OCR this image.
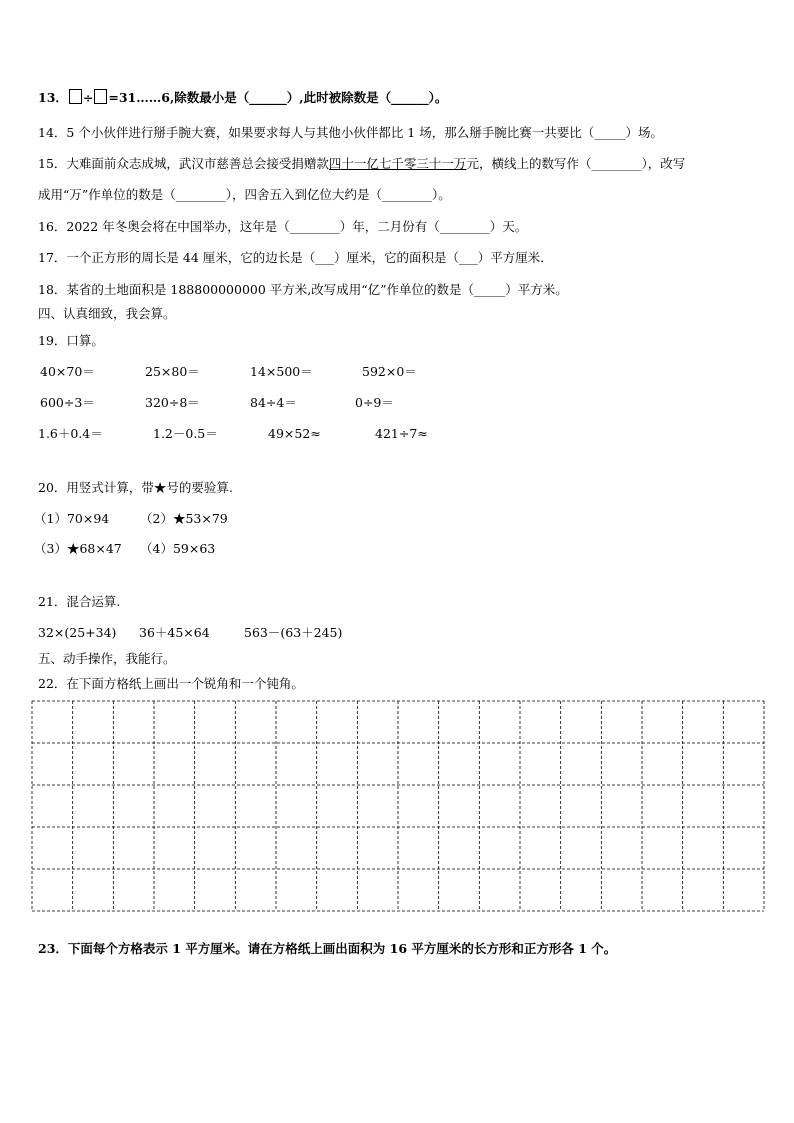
13． ÷ =31……6,除数最小是（______）,此时被除数是（______）。
14．5 个小伙伴进行掰手腕大赛，如果要求每人与其他小伙伴都比 1 场，那么掰手腕比赛一共要比（_____）场。
15．大难面前众志成城，武汉市慈善总会接受捐赠款四十一亿七千零三十一万元，横线上的数写作（________），改写
成用“万”作单位的数是（________），四舍五入到亿位大约是（________）。
16．2022 年冬奥会将在中国举办，这年是（________）年，二月份有（________）天。
17．一个正方形的周长是 44 厘米，它的边长是（___）厘米，它的面积是（___）平方厘米．
18．某省的土地面积是 188800000000 平方米,改写成用“亿”作单位的数是（_____）平方米。
四、认真细致，我会算。
19．口算。
40×70＝	25×80＝	14×500＝	592×0＝
600÷3＝	320÷8＝	84÷4＝	0÷9＝
1.6＋0.4＝	1.2－0.5＝	49×52≈	421÷7≈
20．用竖式计算，带★号的要验算.
（1）70×94 （2）★53×79
（3）★68×47 （4）59×63
21．混合运算.
32×(25+34) 36＋45×64	563－(63＋245)
五、动手操作，我能行。
22．在下面方格纸上画出一个锐角和一个钝角。
23．下面每个方格表示 1 平方厘米。请在方格纸上画出面积为 16 平方厘米的长方形和正方形各 1 个。
